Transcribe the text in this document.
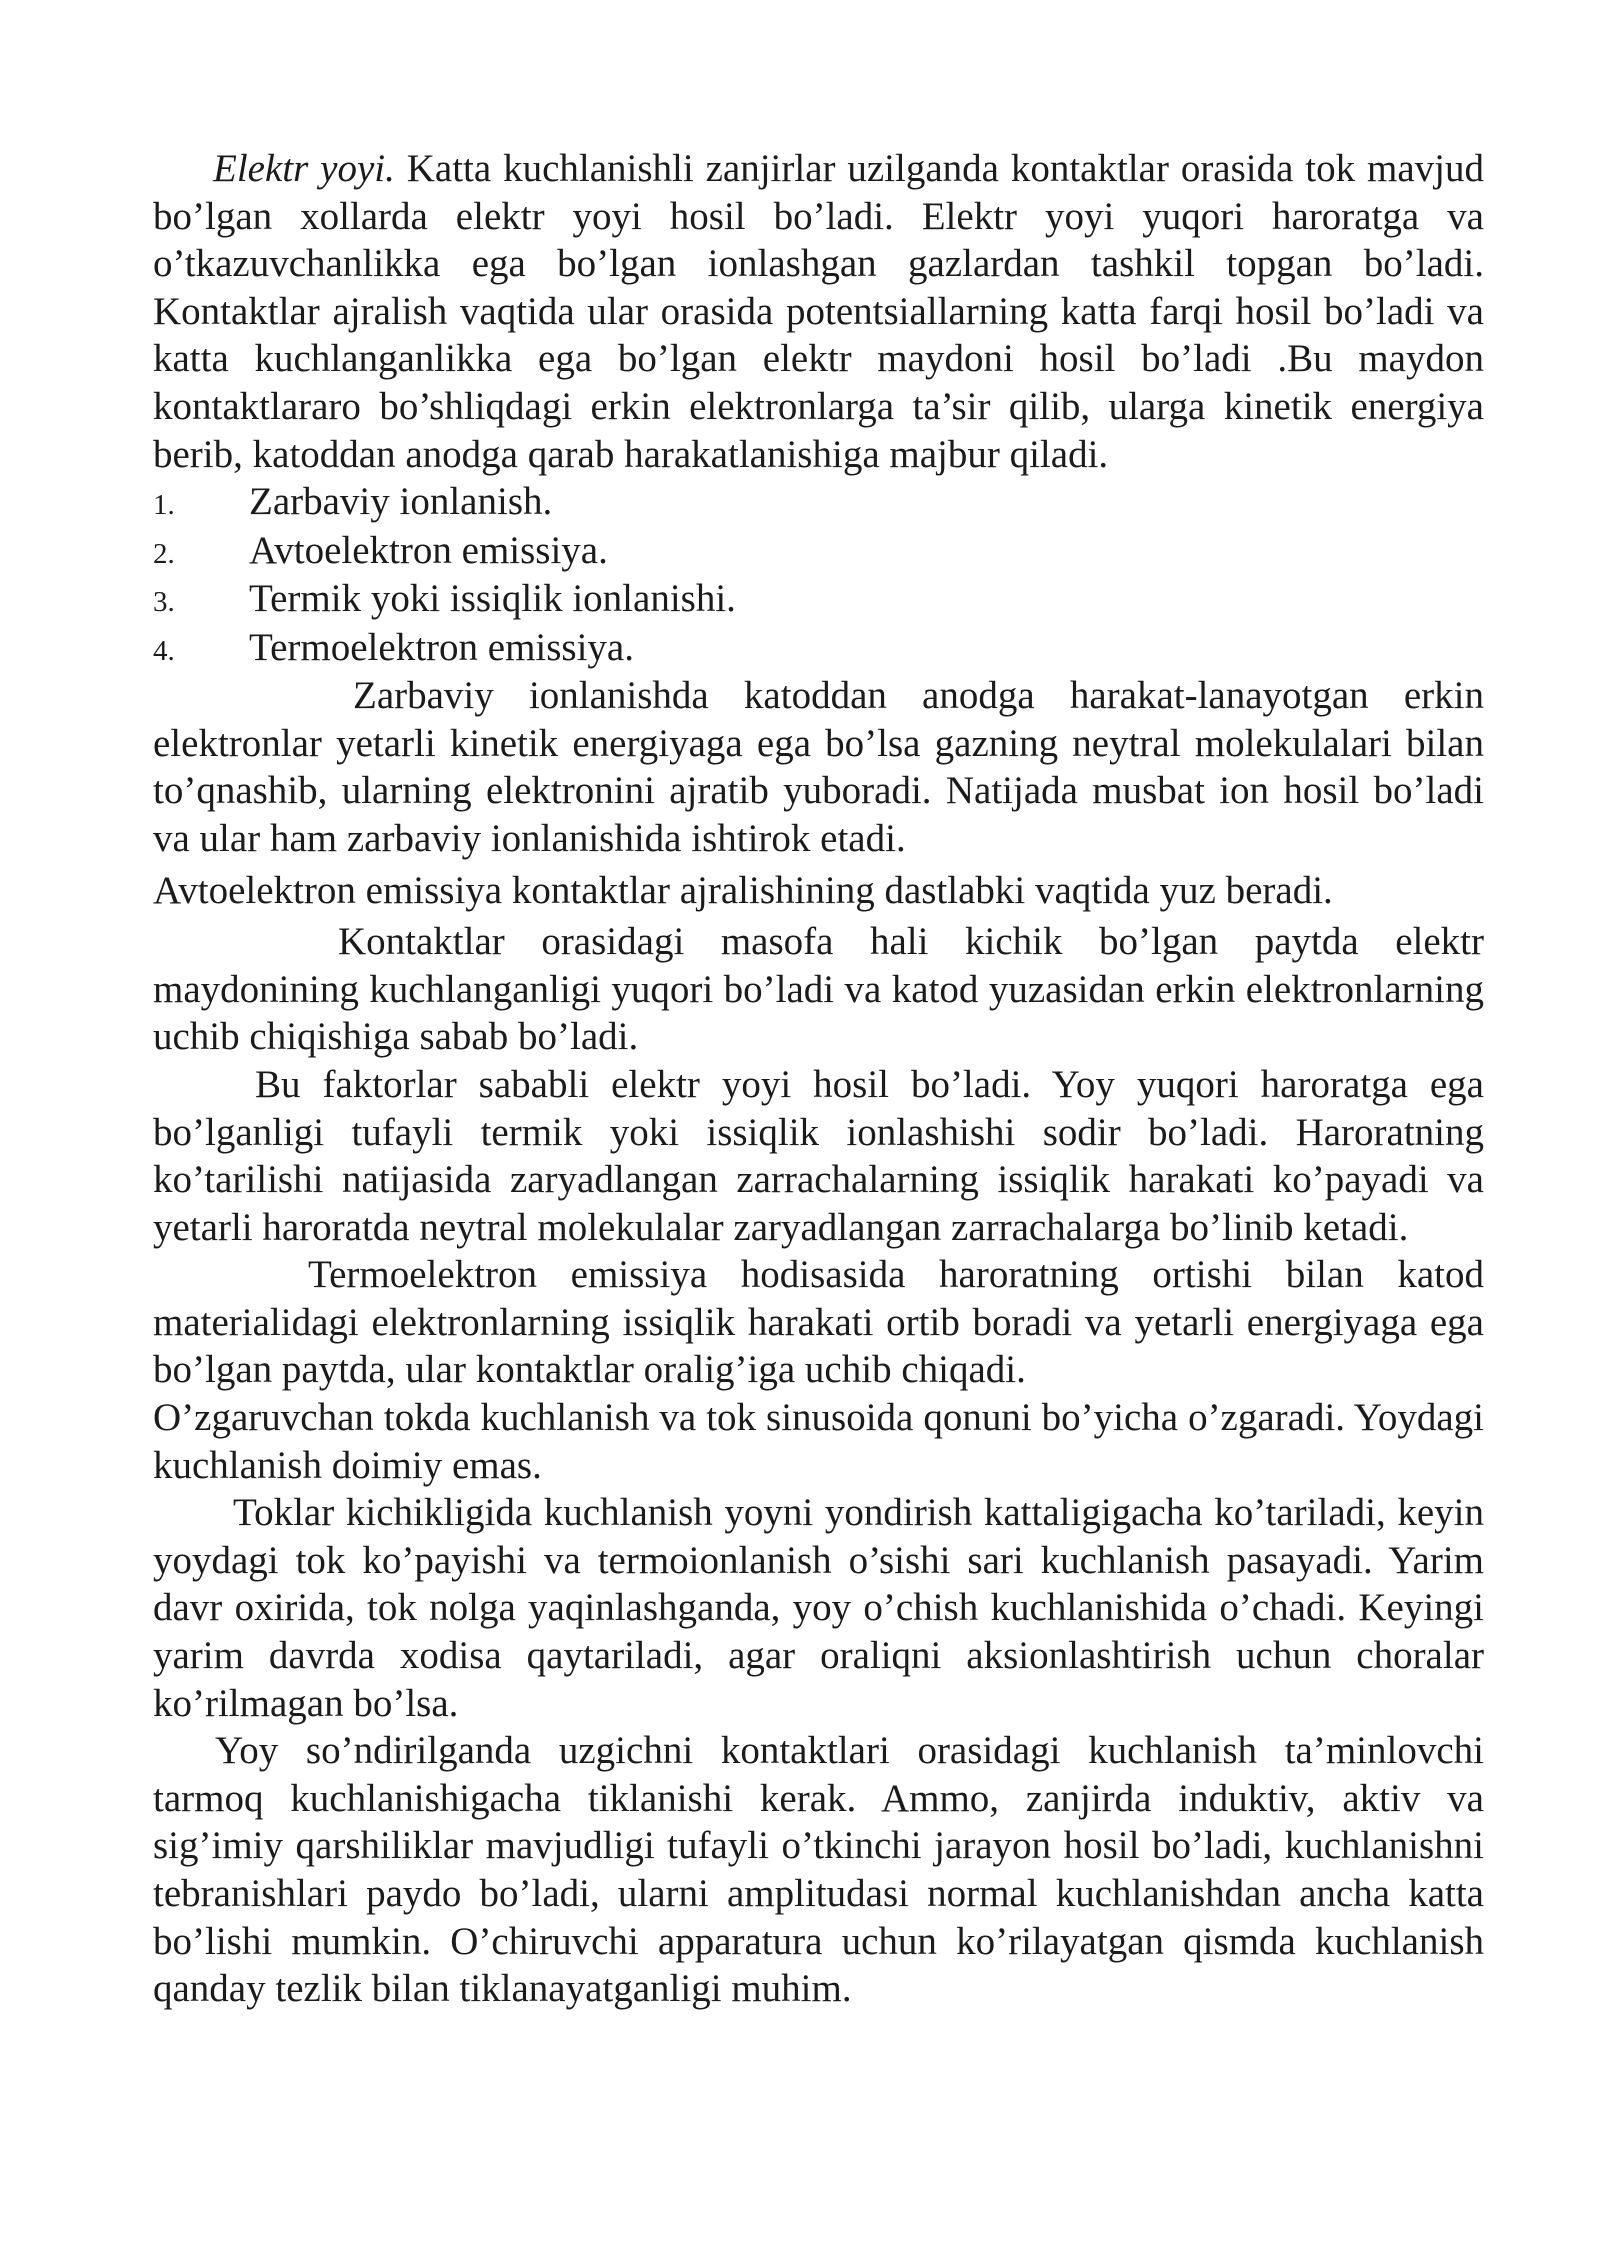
Elektr yoyi. Katta kuchlanishli zanjirlar uzilganda kontaktlar orasida tok mavjud bo’lgan xollarda elektr yoyi hosil bo’ladi. Elektr yoyi yuqori haroratga va o’tkazuvchanlikka ega bo’lgan ionlashgan gazlardan tashkil topgan bo’ladi. Kontaktlar ajralish vaqtida ular orasida potentsiallarning katta farqi hosil bo’ladi va katta kuchlanganlikka ega bo’lgan elektr maydoni hosil bo’ladi .Bu maydon kontaktlararo bo’shliqdagi erkin elektronlarga ta’sir qilib, ularga kinetik energiya berib, katoddan anodga qarab harakatlanishiga majbur qiladi.

1.	Zarbaviy ionlanish.
2.	Avtoelektron emissiya.
3.	Termik yoki issiqlik ionlanishi.
4.	Termoelektron emissiya.

Zarbaviy ionlanishda katoddan anodga harakat-lanayotgan erkin elektronlar yetarli kinetik energiyaga ega bo’lsa gazning neytral molekulalari bilan to’qnashib, ularning elektronini ajratib yuboradi. Natijada musbat ion hosil bo’ladi va ular ham zarbaviy ionlanishida ishtirok etadi.

Avtoelektron emissiya kontaktlar ajralishining dastlabki vaqtida yuz beradi.

Kontaktlar orasidagi masofa hali kichik bo’lgan paytda elektr maydonining kuchlanganligi yuqori bo’ladi va katod yuzasidan erkin elektronlarning uchib chiqishiga sabab bo’ladi.

Bu faktorlar sababli elektr yoyi hosil bo’ladi. Yoy yuqori haroratga ega bo’lganligi tufayli termik yoki issiqlik ionlashishi sodir bo’ladi. Haroratning ko’tarilishi natijasida zaryadlangan zarrachalarning issiqlik harakati ko’payadi va yetarli haroratda neytral molekulalar zaryadlangan zarrachalarga bo’linib ketadi.

Termoelektron emissiya hodisasida haroratning ortishi bilan katod materialidagi elektronlarning issiqlik harakati ortib boradi va yetarli energiyaga ega bo’lgan paytda, ular kontaktlar oralig’iga uchib chiqadi.

O’zgaruvchan tokda kuchlanish va tok sinusoida qonuni bo’yicha o’zgaradi. Yoydagi kuchlanish doimiy emas.

Toklar kichikligida kuchlanish yoyni yondirish kattaligigacha ko’tariladi, keyin yoydagi tok ko’payishi va termoionlanish o’sishi sari kuchlanish pasayadi. Yarim davr oxirida, tok nolga yaqinlashganda, yoy o’chish kuchlanishida o’chadi. Keyingi yarim davrda xodisa qaytariladi, agar oraliqni aksionlashtirish uchun choralar ko’rilmagan bo’lsa.

Yoy so’ndirilganda uzgichni kontaktlari orasidagi kuchlanish ta’minlovchi tarmoq kuchlanishigacha tiklanishi kerak. Ammo, zanjirda induktiv, aktiv va sig’imiy qarshiliklar mavjudligi tufayli o’tkinchi jarayon hosil bo’ladi, kuchlanishni tebranishlari paydo bo’ladi, ularni amplitudasi normal kuchlanishdan ancha katta bo’lishi mumkin. O’chiruvchi apparatura uchun ko’rilayatgan qismda kuchlanish qanday tezlik bilan tiklanayatganligi muhim.
